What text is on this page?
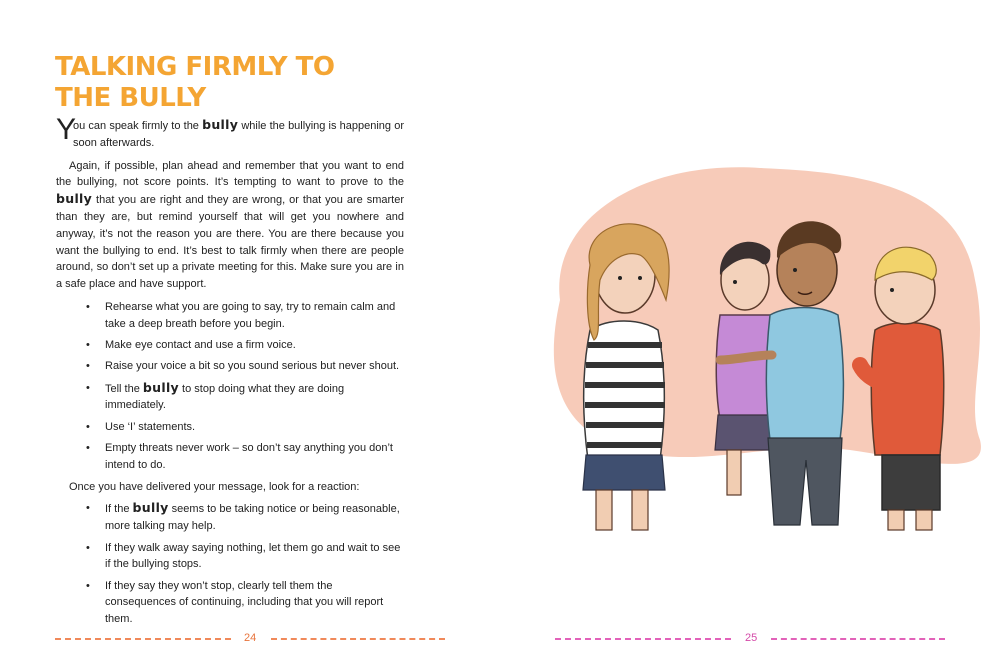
TALKING FIRMLY TO THE BULLY

Y
ou can speak firmly to the bully while the bullying is happening or soon afterwards.

Again, if possible, plan ahead and remember that you want to end the bullying, not score points. It’s tempting to want to prove to the bully that you are right and they are wrong, or that you are smarter than they are, but remind yourself that will get you nowhere and anyway, it’s not the reason you are there. You are there because you want the bullying to end. It’s best to talk firmly when there are people around, so don’t set up a private meeting for this. Make sure you are in a safe place and have support.

• Rehearse what you are going to say, try to remain calm and take a deep breath before you begin.
• Make eye contact and use a firm voice.
• Raise your voice a bit so you sound serious but never shout.
• Tell the bully to stop doing what they are doing immediately.
• Use ‘I’ statements.
• Empty threats never work – so don’t say anything you don’t intend to do.

Once you have delivered your message, look for a reaction:

• If the bully seems to be taking notice or being reasonable, more talking may help.
• If they walk away saying nothing, let them go and wait to see if the bullying stops.
• If they say they won’t stop, clearly tell them the consequences of continuing, including that you will report them.
24	25
